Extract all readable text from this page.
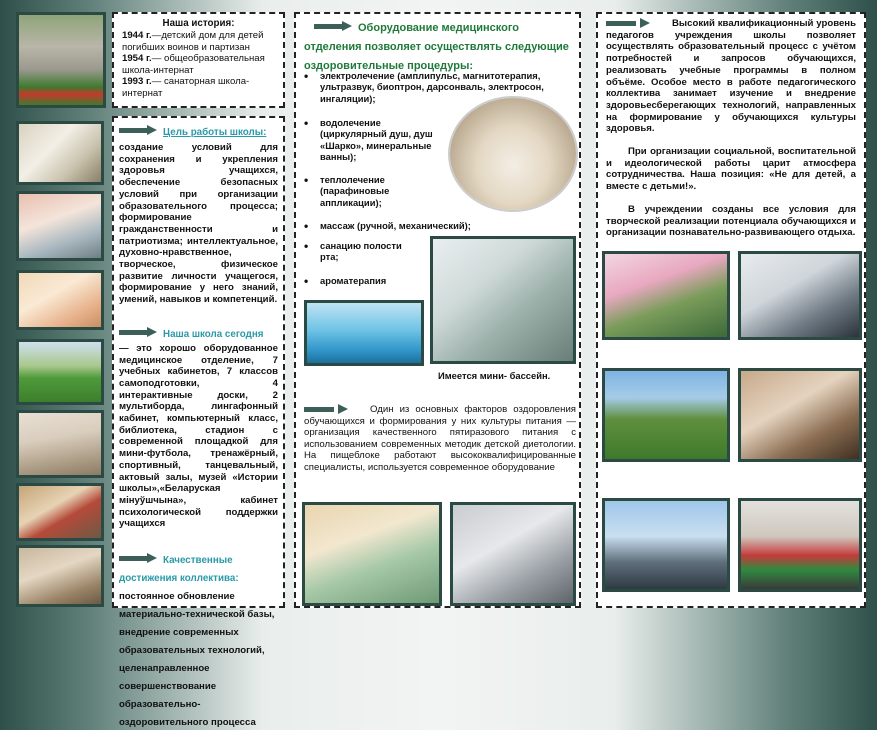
Наша история:
1944 г.—детский дом для детей погибших воинов и партизан
1954 г.— общеобразовательная школа-интернат
1993 г.— санаторная школа-интернат
Цель работы школы:
создание условий для сохранения и укрепления здоровья учащихся, обеспечение безопасных условий при организации образовательного процесса; формирование гражданственности и патриотизма; интеллектуальное, духовно-нравственное, творческое, физическое развитие личности учащегося, формирование у него знаний, умений, навыков и компетенций.
Наша школа сегодня
— это хорошо оборудованное медицинское отделение, 7 учебных кабинетов, 7 классов самоподготовки, 4 интерактивные доски, 2 мультиборда, лингафонный кабинет, компьютерный класс, библиотека, стадион с современной площадкой для мини-футбола, тренажёрный, спортивный, танцевальный, актовый залы, музей «Истории школы»,«Беларуская мінуўшчына», кабинет психологической поддержки учащихся
Качественные достижения коллектива: постоянное обновление материально-технической базы, внедрение современных образовательных технологий, целенаправленное совершенствование образовательно-оздоровительного процесса
Оборудование медицинского отделения позволяет осуществлять следующие оздоровительные процедуры:
• электролечение (амплипульс, магнитотерапия, ультразвук, биоптрон, дарсонваль, электросон, ингаляции);
• водолечение (циркулярный душ, душ «Шарко», минеральные ванны);
• теплолечение (парафиновые аппликации);
• массаж (ручной, механический);
• санацию полости рта;
• ароматерапия
Имеется мини- бассейн.
Один из основных факторов оздоровления обучающихся и формирования у них культуры питания — организация качественного пятиразового питания с использованием современных методик детской диетологии. На пищеблоке работают высококвалифицированные специалисты, используется современное оборудование
Высокий квалификационный уровень педагогов учреждения школы позволяет осуществлять образовательный процесс с учётом потребностей и запросов обучающихся, реализовать учебные программы в полном объёме. Особое место в работе педагогического коллектива занимает изучение и внедрение здоровьесберегающих технологий, направленных на формирование у обучающихся культуры здоровья.
При организации социальной, воспитательной и идеологической работы царит атмосфера сотрудничества. Наша позиция: «Не для детей, а вместе с детьми!».
В учреждении созданы все условия для творческой реализации потенциала обучающихся и организации познавательно-развивающего отдыха.
